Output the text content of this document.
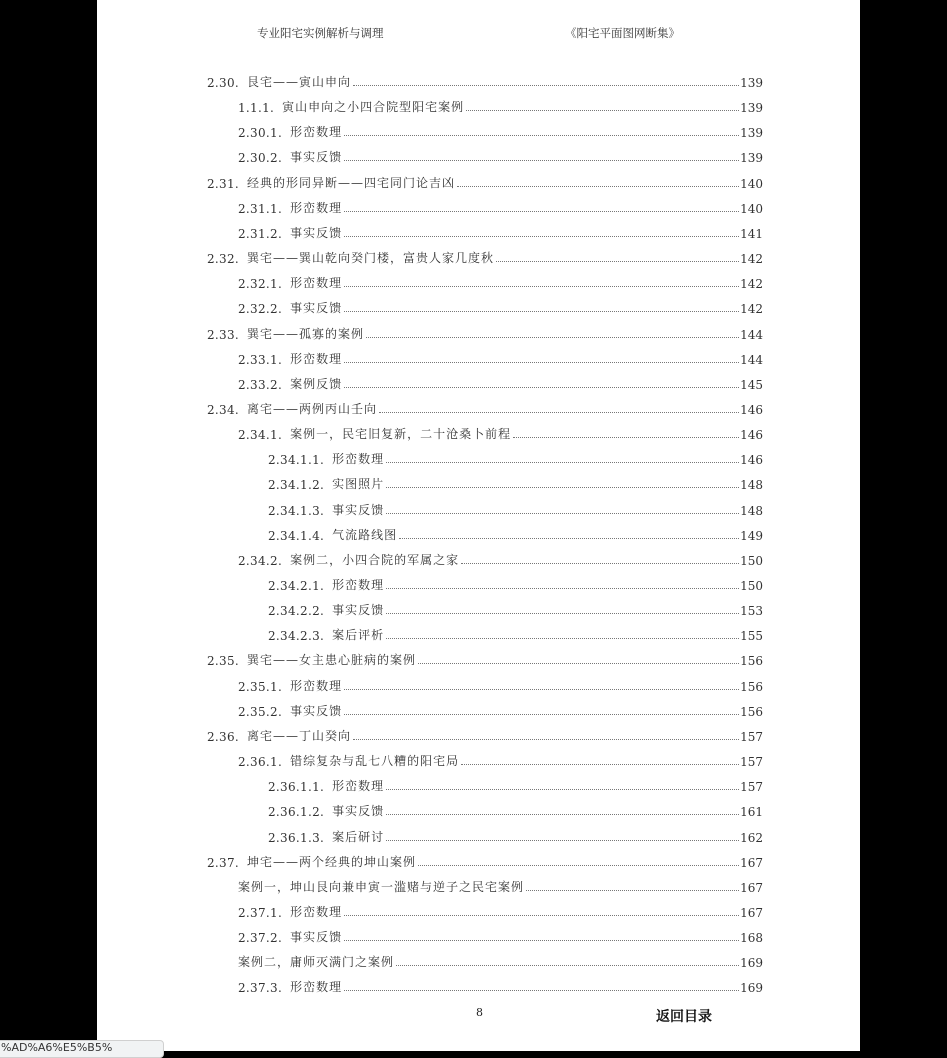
专业阳宅实例解析与调理	《阳宅平面图网断集》
2.30. 艮宅——寅山申向	139
1.1.1. 寅山申向之小四合院型阳宅案例	139
2.30.1. 形峦数理	139
2.30.2. 事实反馈	139
2.31. 经典的形同异断——四宅同门论吉凶	140
2.31.1. 形峦数理	140
2.31.2. 事实反馈	141
2.32. 巽宅——巽山乾向癸门楼，富贵人家几度秋	142
2.32.1. 形峦数理	142
2.32.2. 事实反馈	142
2.33. 巽宅——孤寡的案例	144
2.33.1. 形峦数理	144
2.33.2. 案例反馈	145
2.34. 离宅——两例丙山壬向	146
2.34.1. 案例一，民宅旧复新，二十沧桑卜前程	146
2.34.1.1. 形峦数理	146
2.34.1.2. 实图照片	148
2.34.1.3. 事实反馈	148
2.34.1.4. 气流路线图	149
2.34.2. 案例二，小四合院的军属之家	150
2.34.2.1. 形峦数理	150
2.34.2.2. 事实反馈	153
2.34.2.3. 案后评析	155
2.35. 巽宅——女主患心脏病的案例	156
2.35.1. 形峦数理	156
2.35.2. 事实反馈	156
2.36. 离宅——丁山癸向	157
2.36.1. 错综复杂与乱七八糟的阳宅局	157
2.36.1.1. 形峦数理	157
2.36.1.2. 事实反馈	161
2.36.1.3. 案后研讨	162
2.37. 坤宅——两个经典的坤山案例	167
案例一，坤山艮向兼申寅一滥赌与逆子之民宅案例	167
2.37.1. 形峦数理	167
2.37.2. 事实反馈	168
案例二，庸师灭满门之案例	169
2.37.3. 形峦数理	169
8	返回目录
%AD%A6%E5%B5%
